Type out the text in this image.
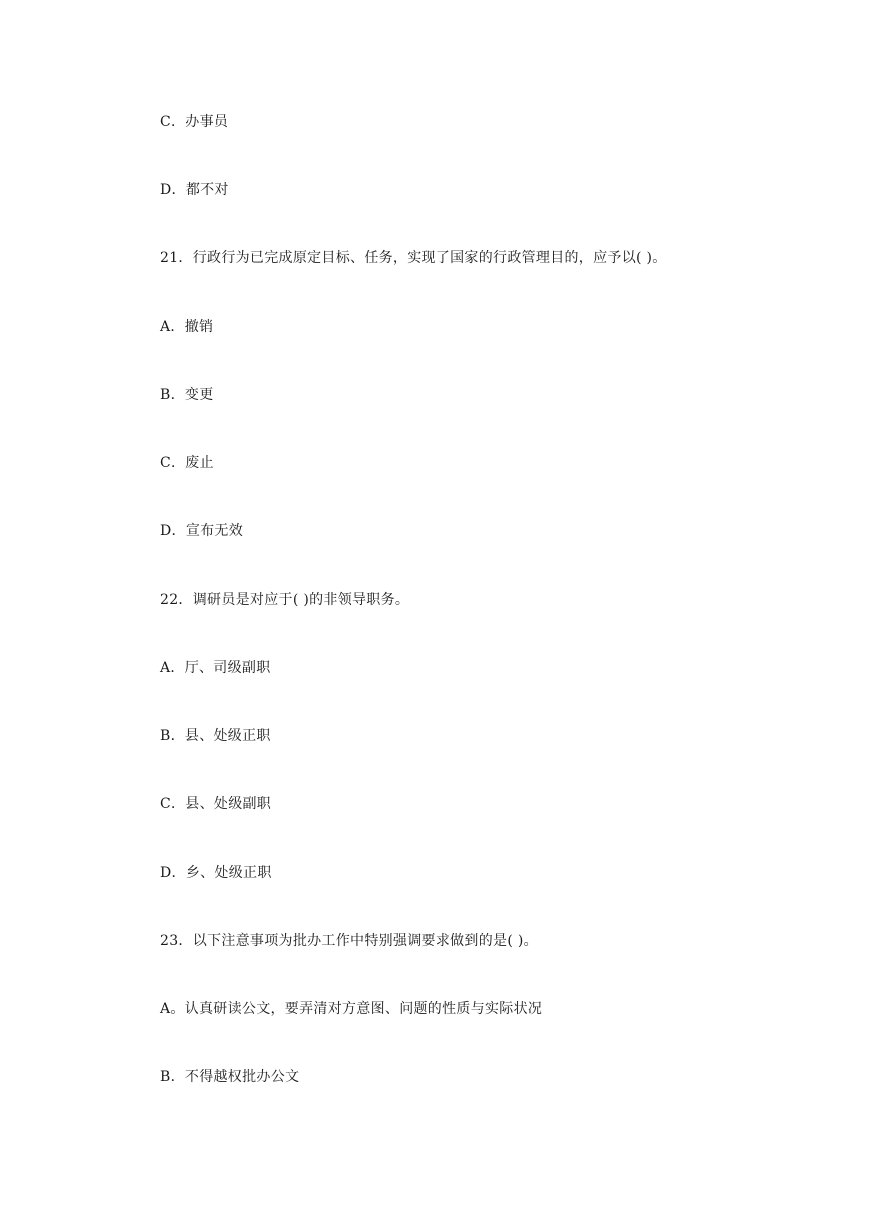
C．办事员
D．都不对
21．行政行为已完成原定目标、任务，实现了国家的行政管理目的，应予以( )。
A．撤销
B．变更
C．废止
D．宣布无效
22．调研员是对应于( )的非领导职务。
A．厅、司级副职
B．县、处级正职
C．县、处级副职
D．乡、处级正职
23．以下注意事项为批办工作中特别强调要求做到的是( )。
A。认真研读公文，要弄清对方意图、问题的性质与实际状况
B．不得越权批办公文
